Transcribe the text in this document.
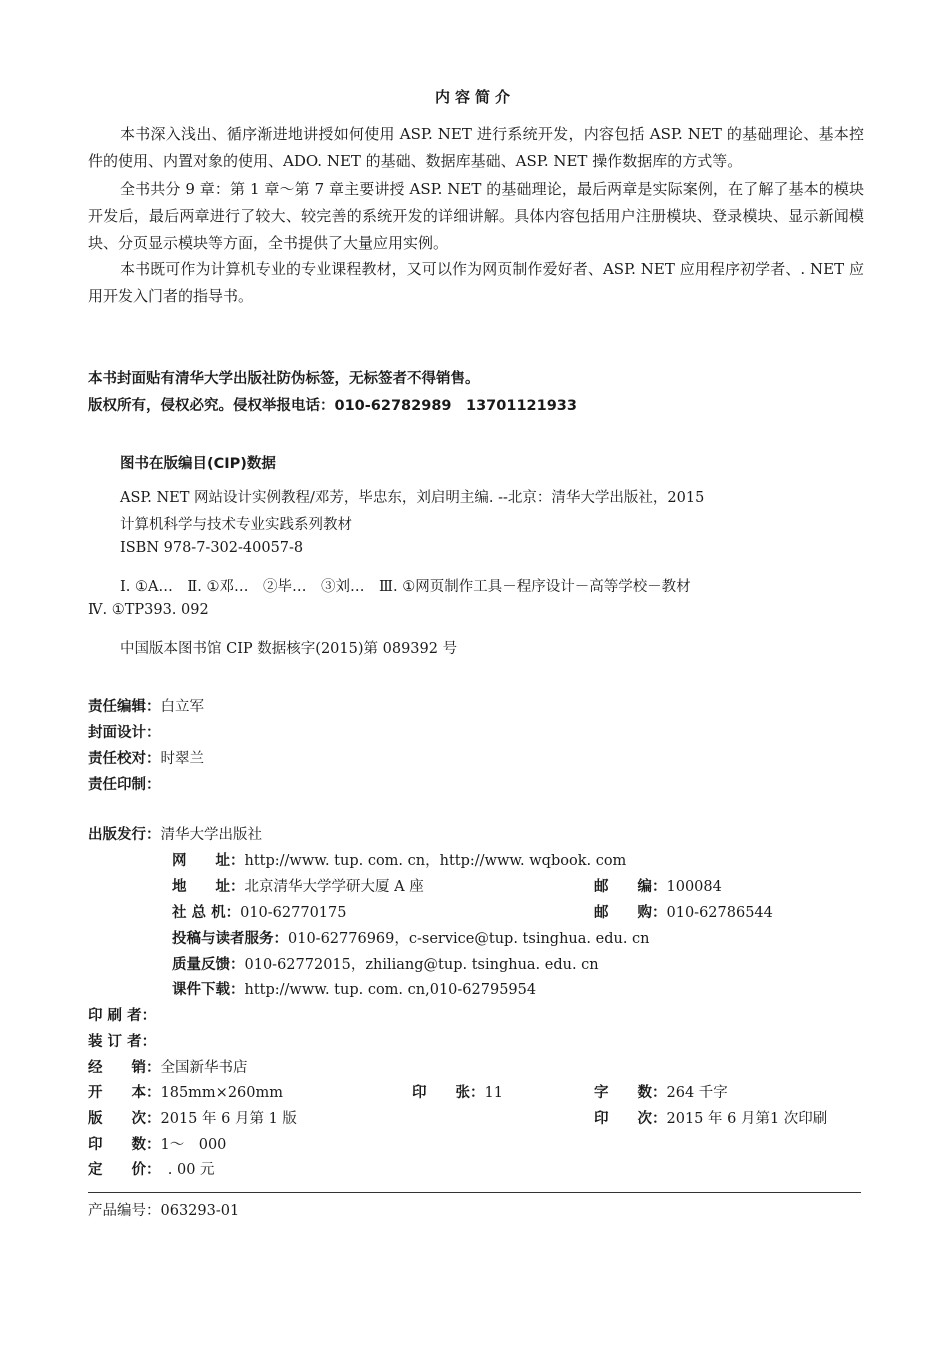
内容简介
本书深入浅出、循序渐进地讲授如何使用 ASP. NET 进行系统开发，内容包括 ASP. NET 的基础理论、基本控件的使用、内置对象的使用、ADO. NET 的基础、数据库基础、ASP. NET 操作数据库的方式等。
全书共分 9 章：第 1 章～第 7 章主要讲授 ASP. NET 的基础理论，最后两章是实际案例，在了解了基本的模块开发后，最后两章进行了较大、较完善的系统开发的详细讲解。具体内容包括用户注册模块、登录模块、显示新闻模块、分页显示模块等方面，全书提供了大量应用实例。
本书既可作为计算机专业的专业课程教材，又可以作为网页制作爱好者、ASP. NET 应用程序初学者、. NET 应用开发入门者的指导书。
本书封面贴有清华大学出版社防伪标签，无标签者不得销售。
版权所有，侵权必究。侵权举报电话：010-62782989　13701121933
图书在版编目(CIP)数据
ASP. NET 网站设计实例教程/邓芳，毕忠东，刘启明主编. --北京：清华大学出版社，2015
计算机科学与技术专业实践系列教材
ISBN 978-7-302-40057-8
Ⅰ. ①A…　Ⅱ. ①邓…　②毕…　③刘…　Ⅲ. ①网页制作工具－程序设计－高等学校－教材
Ⅳ. ①TP393. 092
中国版本图书馆 CIP 数据核字(2015)第 089392 号
责任编辑：白立军
封面设计：
责任校对：时翠兰
责任印制：
出版发行：清华大学出版社
网　　址：http://www. tup. com. cn，http://www. wqbook. com
地　　址：北京清华大学学研大厦 A 座	邮　　编：100084
社 总 机：010-62770175	邮　　购：010-62786544
投稿与读者服务：010-62776969，c-service@tup. tsinghua. edu. cn
质量反馈：010-62772015，zhiliang@tup. tsinghua. edu. cn
课件下载：http://www. tup. com. cn,010-62795954
印 刷 者：
装 订 者：
经　　销：全国新华书店
开　　本：185mm×260mm	印　　张：11	字　　数：264 千字
版　　次：2015 年 6 月第 1 版	印　　次：2015 年 6 月第1 次印刷
印　　数：1～　000
定　　价：　. 00 元
产品编号：063293-01
